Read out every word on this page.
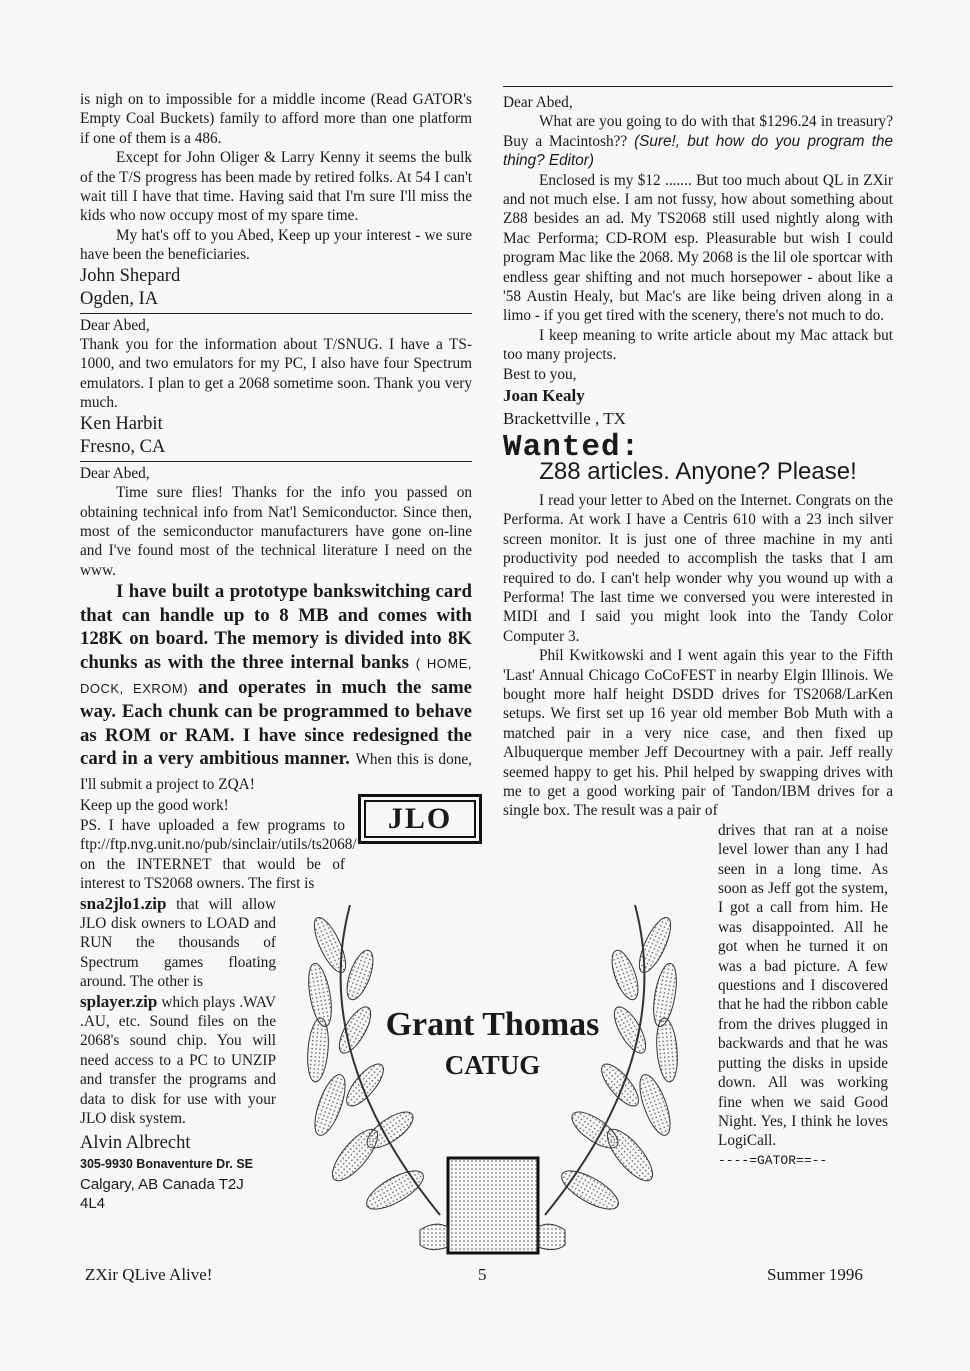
is nigh on to impossible for a middle income (Read GATOR's Empty Coal Buckets) family to afford more than one platform if one of them is a 486.

Except for John Oliger & Larry Kenny it seems the bulk of the T/S progress has been made by retired folks. At 54 I can't wait till I have that time. Having said that I'm sure I'll miss the kids who now occupy most of my spare time.

My hat's off to you Abed, Keep up your interest - we sure have been the beneficiaries.

John Shepard
Ogden, IA

Dear Abed,

Thank you for the information about T/SNUG. I have a TS-1000, and two emulators for my PC, I also have four Spectrum emulators. I plan to get a 2068 sometime soon. Thank you very much.

Ken Harbit
Fresno, CA

Dear Abed,

Time sure flies! Thanks for the info you passed on obtaining technical info from Nat'l Semiconductor. Since then, most of the semiconductor manufacturers have gone on-line and I've found most of the technical literature I need on the www.

I have built a prototype bankswitching card that can handle up to 8 MB and comes with 128K on board. The memory is divided into 8K chunks as with the three internal banks ( HOME, DOCK, EXROM) and operates in much the same way. Each chunk can be programmed to behave as ROM or RAM. I have since redesigned the card in a very ambitious manner. When this is done, I'll submit a project to ZQA!

Keep up the good work!

PS. I have uploaded a few programs to ftp://ftp.nvg.unit.no/pub/sinclair/utils/ts2068/ on the INTERNET that would be of interest to TS2068 owners. The first is

sna2jlo1.zip that will allow JLO disk owners to LOAD and RUN the thousands of Spectrum games floating around. The other is

splayer.zip which plays .WAV .AU, etc. Sound files on the 2068's sound chip. You will need access to a PC to UNZIP and transfer the programs and data to disk for use with your JLO disk system.

Alvin Albrecht
305-9930 Bonaventure Dr. SE
Calgary, AB Canada T2J
4L4
JLO

Dear Abed,

What are you going to do with that $1296.24 in treasury? Buy a Macintosh?? (Sure!, but how do you program the thing? Editor)

Enclosed is my $12 ....... But too much about QL in ZXir and not much else. I am not fussy, how about something about Z88 besides an ad. My TS2068 still used nightly along with Mac Performa; CD-ROM esp. Pleasurable but wish I could program Mac like the 2068. My 2068 is the lil ole sportcar with endless gear shifting and not much horsepower - about like a '58 Austin Healy, but Mac's are like being driven along in a limo - if you get tired with the scenery, there's not much to do.

I keep meaning to write article about my Mac attack but too many projects.

Best to you,

Joan Kealy
Brackettville , TX
Wanted:
Z88 articles. Anyone? Please!

I read your letter to Abed on the Internet. Congrats on the Performa. At work I have a Centris 610 with a 23 inch silver screen monitor. It is just one of three machine in my anti productivity pod needed to accomplish the tasks that I am required to do. I can't help wonder why you wound up with a Performa! The last time we conversed you were interested in MIDI and I said you might look into the Tandy Color Computer 3.

Phil Kwitkowski and I went again this year to the Fifth 'Last' Annual Chicago CoCoFEST in nearby Elgin Illinois. We bought more half height DSDD drives for TS2068/LarKen setups. We first set up 16 year old member Bob Muth with a matched pair in a very nice case, and then fixed up Albuquerque member Jeff Decourtney with a pair. Jeff really seemed happy to get his. Phil helped by swapping drives with me to get a good working pair of Tandon/IBM drives for a single box. The result was a pair of

drives that ran at a noise level lower than any I had seen in a long time. As soon as Jeff got the system, I got a call from him. He was disappointed. All he got when he turned it on was a bad picture. A few questions and I discovered that he had the ribbon cable from the drives plugged in backwards and that he was putting the disks in upside down. All was working fine when we said Good Night. Yes, I think he loves LogiCall.

----=GATOR==--
Grant Thomas
CATUG
ZXir QLive Alive!	5	Summer 1996
